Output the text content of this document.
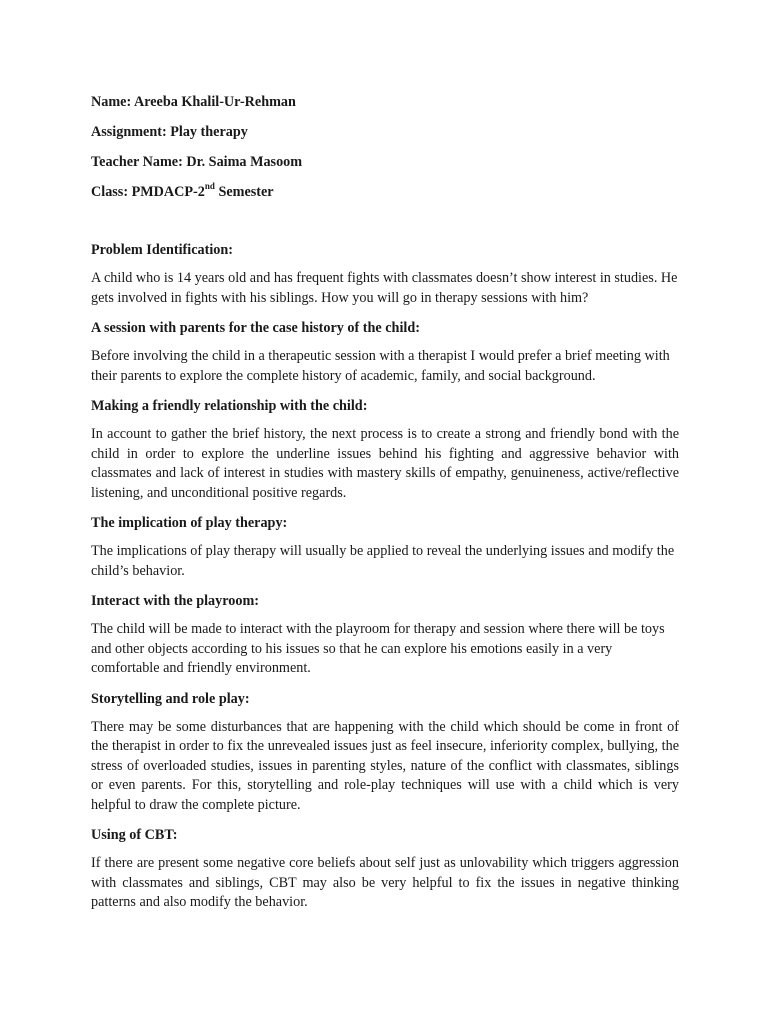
Name: Areeba Khalil-Ur-Rehman
Assignment: Play therapy
Teacher Name: Dr. Saima Masoom
Class: PMDACP-2nd Semester
Problem Identification:
A child who is 14 years old and has frequent fights with classmates doesn’t show interest in studies. He gets involved in fights with his siblings. How you will go in therapy sessions with him?
A session with parents for the case history of the child:
Before involving the child in a therapeutic session with a therapist I would prefer a brief meeting with their parents to explore the complete history of academic, family, and social background.
Making a friendly relationship with the child:
In account to gather the brief history, the next process is to create a strong and friendly bond with the child in order to explore the underline issues behind his fighting and aggressive behavior with classmates and lack of interest in studies with mastery skills of empathy, genuineness, active/reflective listening, and unconditional positive regards.
The implication of play therapy:
The implications of play therapy will usually be applied to reveal the underlying issues and modify the child’s behavior.
Interact with the playroom:
The child will be made to interact with the playroom for therapy and session where there will be toys and other objects according to his issues so that he can explore his emotions easily in a very comfortable and friendly environment.
Storytelling and role play:
There may be some disturbances that are happening with the child which should be come in front of the therapist in order to fix the unrevealed issues just as feel insecure, inferiority complex, bullying, the stress of overloaded studies, issues in parenting styles, nature of the conflict with classmates, siblings or even parents. For this, storytelling and role-play techniques will use with a child which is very helpful to draw the complete picture.
Using of CBT:
If there are present some negative core beliefs about self just as unlovability which triggers aggression with classmates and siblings, CBT may also be very helpful to fix the issues in negative thinking patterns and also modify the behavior.
